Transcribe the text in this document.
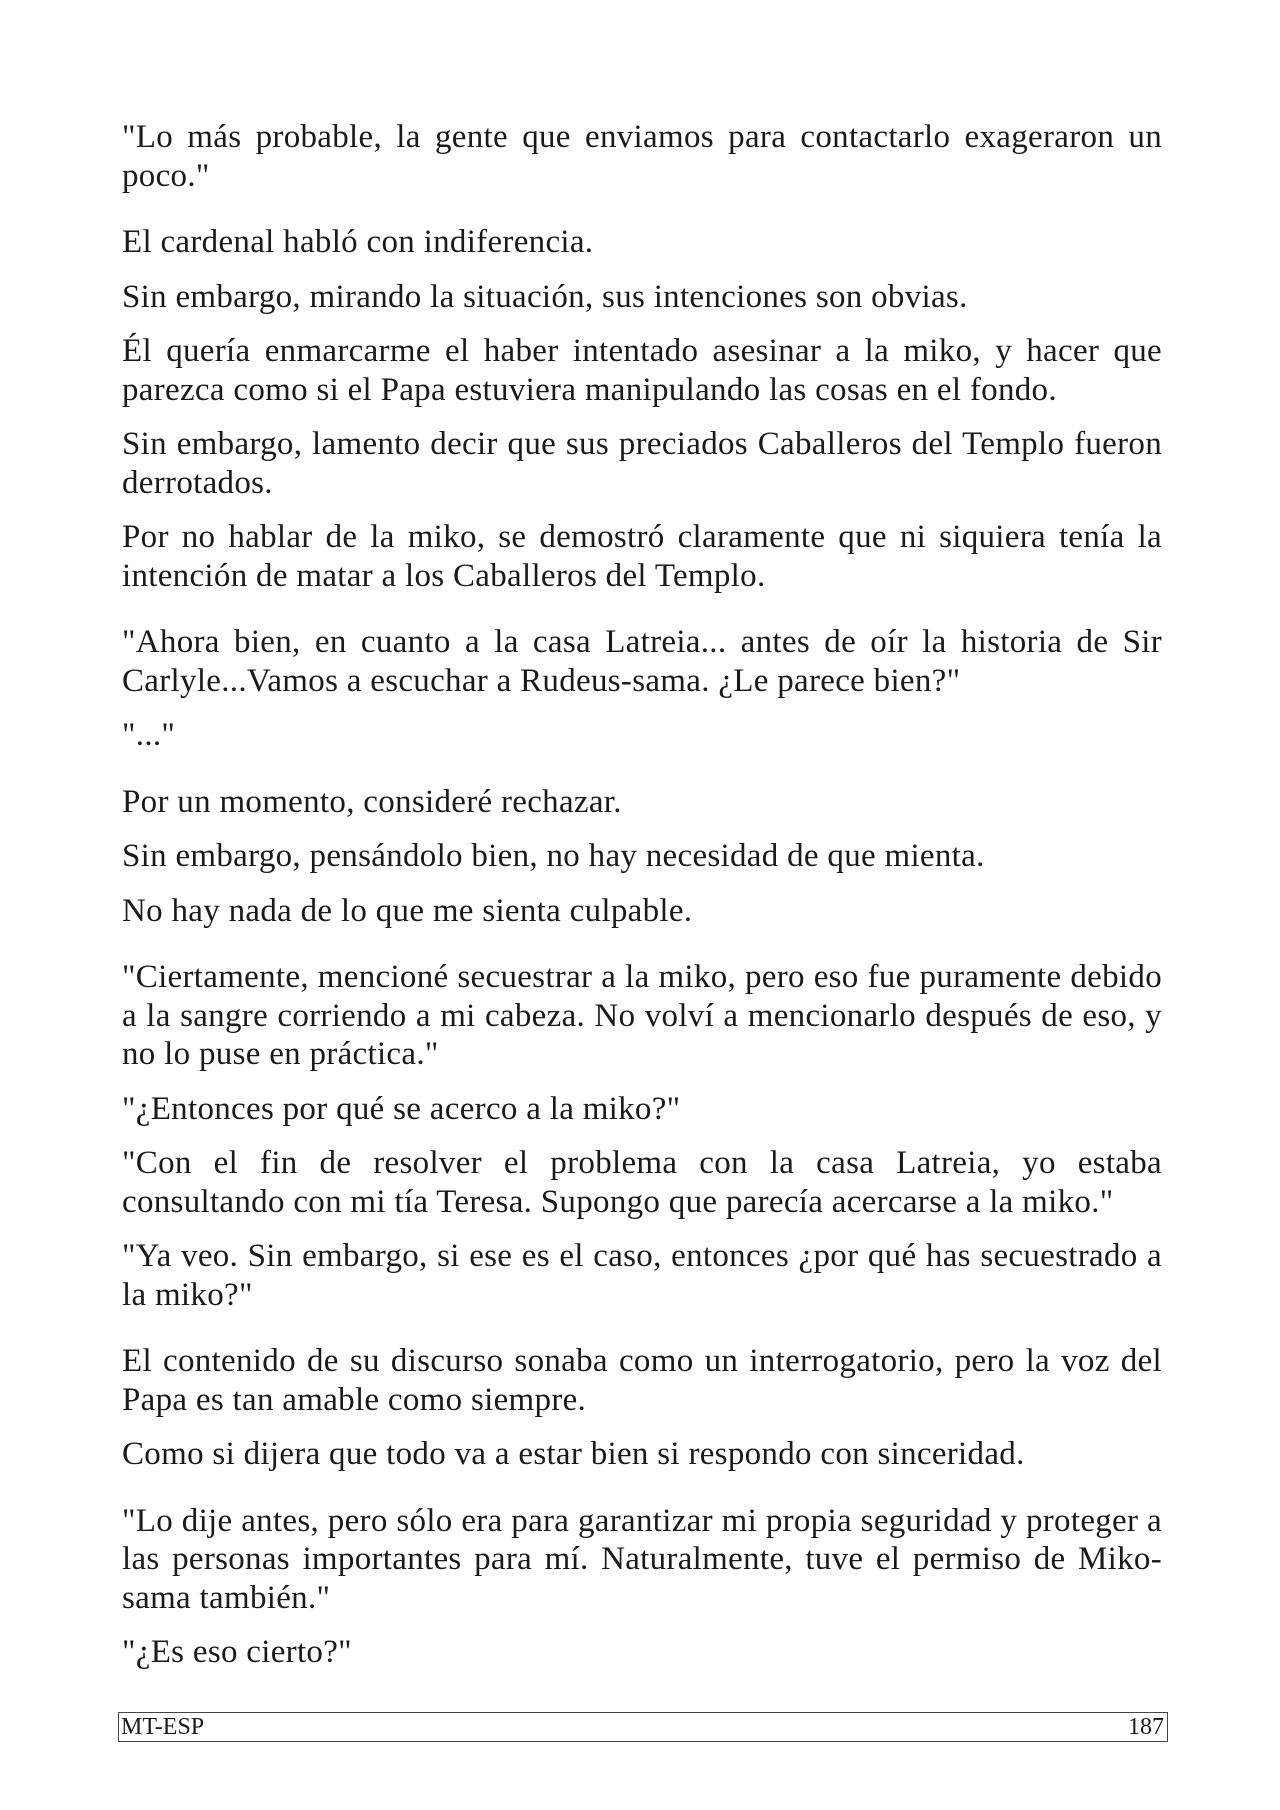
"Lo más probable, la gente que enviamos para contactarlo exageraron un poco."

El cardenal habló con indiferencia.

Sin embargo, mirando la situación, sus intenciones son obvias.

Él quería enmarcarme el haber intentado asesinar a la miko, y hacer que parezca como si el Papa estuviera manipulando las cosas en el fondo.

Sin embargo, lamento decir que sus preciados Caballeros del Templo fueron derrotados.

Por no hablar de la miko, se demostró claramente que ni siquiera tenía la intención de matar a los Caballeros del Templo.

"Ahora bien, en cuanto a la casa Latreia... antes de oír la historia de Sir Carlyle...Vamos a escuchar a Rudeus-sama. ¿Le parece bien?"

"..."

Por un momento, consideré rechazar.

Sin embargo, pensándolo bien, no hay necesidad de que mienta.

No hay nada de lo que me sienta culpable.

"Ciertamente, mencioné secuestrar a la miko, pero eso fue puramente debido a la sangre corriendo a mi cabeza. No volví a mencionarlo después de eso, y no lo puse en práctica."

"¿Entonces por qué se acerco a la miko?"

"Con el fin de resolver el problema con la casa Latreia, yo estaba consultando con mi tía Teresa. Supongo que parecía acercarse a la miko."

"Ya veo. Sin embargo, si ese es el caso, entonces ¿por qué has secuestrado a la miko?"

El contenido de su discurso sonaba como un interrogatorio, pero la voz del Papa es tan amable como siempre.

Como si dijera que todo va a estar bien si respondo con sinceridad.

"Lo dije antes, pero sólo era para garantizar mi propia seguridad y proteger a las personas importantes para mí. Naturalmente, tuve el permiso de Miko-sama también."

"¿Es eso cierto?"

MT-ESP	187
